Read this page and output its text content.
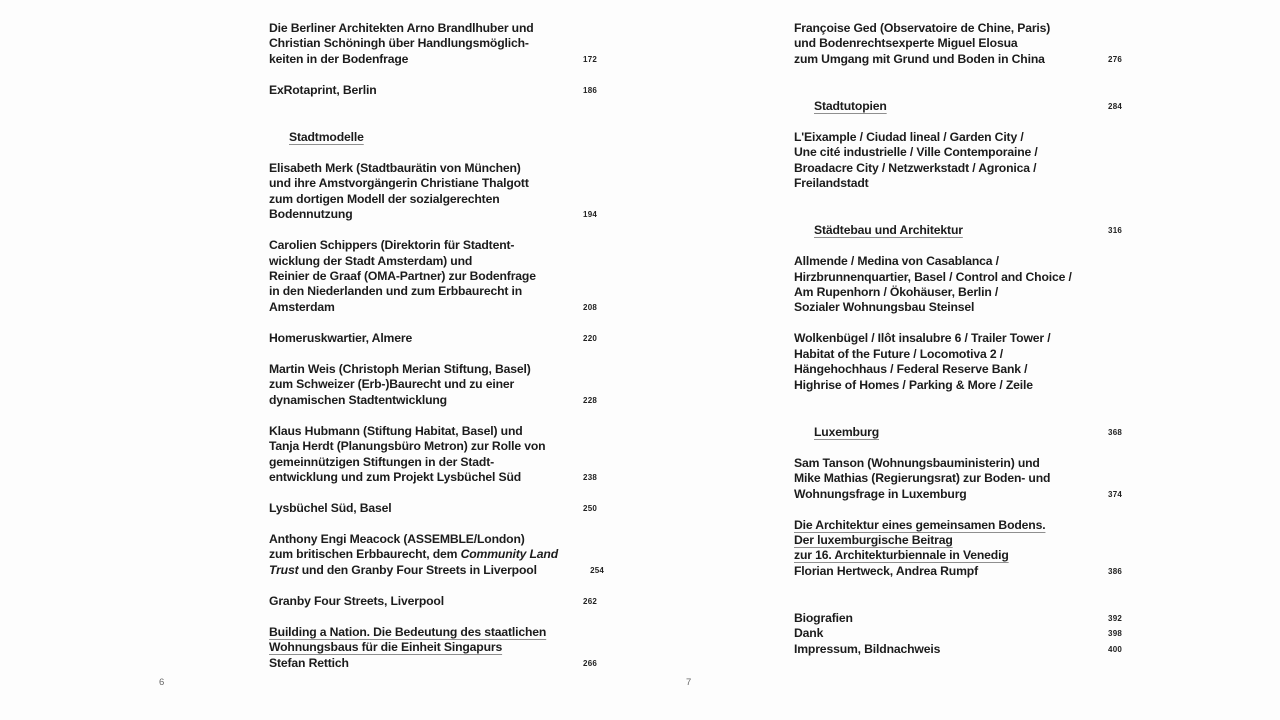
Die Berliner Architekten Arno Brandlhuber und
Christian Schöningh über Handlungsmöglich-
keiten in der Bodenfrage	172
ExRotaprint, Berlin	186
Stadtmodelle
Elisabeth Merk (Stadtbaurätin von München)
und ihre Amstvorgängerin Christiane Thalgott
zum dortigen Modell der sozialgerechten
Bodennutzung	194
Carolien Schippers (Direktorin für Stadtent-
wicklung der Stadt Amsterdam) und
Reinier de Graaf (OMA-Partner) zur Bodenfrage
in den Niederlanden und zum Erbbaurecht in
Amsterdam	208
Homeruskwartier, Almere	220
Martin Weis (Christoph Merian Stiftung, Basel)
zum Schweizer (Erb-)Baurecht und zu einer
dynamischen Stadtentwicklung	228
Klaus Hubmann (Stiftung Habitat, Basel) und
Tanja Herdt (Planungsbüro Metron) zur Rolle von
gemeinnützigen Stiftungen in der Stadt-
entwicklung und zum Projekt Lysbüchel Süd	238
Lysbüchel Süd, Basel	250
Anthony Engi Meacock (ASSEMBLE/London)
zum britischen Erbbaurecht, dem Community Land
Trust und den Granby Four Streets in Liverpool	254
Granby Four Streets, Liverpool	262
Building a Nation. Die Bedeutung des staatlichen
Wohnungsbaus für die Einheit Singapurs
Stefan Rettich	266
Françoise Ged (Observatoire de Chine, Paris)
und Bodenrechtsexperte Miguel Elosua
zum Umgang mit Grund und Boden in China	276
Stadtutopien	284
L'Eixample / Ciudad lineal / Garden City /
Une cité industrielle / Ville Contemporaine /
Broadacre City / Netzwerkstadt / Agronica /
Freilandstadt
Städtebau und Architektur	316
Allmende / Medina von Casablanca /
Hirzbrunnenquartier, Basel / Control and Choice /
Am Rupenhorn / Ökohäuser, Berlin /
Sozialer Wohnungsbau Steinsel
Wolkenbügel / Ilôt insalubre 6 / Trailer Tower /
Habitat of the Future / Locomotiva 2 /
Hängehochhaus / Federal Reserve Bank /
Highrise of Homes / Parking & More / Zeile
Luxemburg	368
Sam Tanson (Wohnungsbauministerin) und
Mike Mathias (Regierungsrat) zur Boden- und
Wohnungsfrage in Luxemburg	374
Die Architektur eines gemeinsamen Bodens.
Der luxemburgische Beitrag
zur 16. Architekturbiennale in Venedig
Florian Hertweck, Andrea Rumpf	386
Biografien	392
Dank	398
Impressum, Bildnachweis	400
6	7
